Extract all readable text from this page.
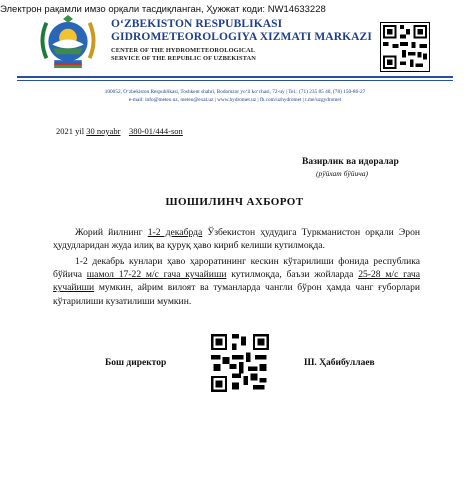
Электрон рақамли имзо орқали тасдиқланган, Ҳужжат коди: NW14633228
O‘ZBEKISTON RESPUBLIKASI
GIDROMETEOROLOGIYA XIZMATI MARKAZI
CENTER OF THE HYDROMETEOROLOGICAL
SERVICE OF THE REPUBLIC OF UZBEKISTAN
100052, O‘zbekiston Respublikasi, Toshkent shahri, Bodomzor yo‘li ko‘chasi, 72-uy | Tel.: (71) 235 85 40, (78) 150-86-27
e-mail: info@meteo.uz, meteo@exat.uz | www.hydromet.uz | fb.com/uzhydromet | t.me/uzgydromet
2021 yil 30 noyabr 380-01/444-son
Вазирлик ва идоралар
(рўйхат бўйича)
ШОШИЛИНЧ АХБОРОТ
Жорий йилнинг 1-2 декабрда Ўзбекистон ҳудудига Туркманистон орқали Эрон ҳудудларидан жуда илиқ ва қуруқ ҳаво кириб келиши кутилмоқда.
1-2 декабрь кунлари ҳаво ҳароратининг кескин кўтарилиши фонида республика бўйича шамол 17-22 м/с гача кучайиши кутилмоқда, баъзи жойларда 25-28 м/с гача кучайиши мумкин, айрим вилоят ва туманларда чангли бўрон ҳамда чанг ғуборлари кўтарилиши кузатилиши мумкин.
Бош директор	Ш. Ҳабибуллаев
